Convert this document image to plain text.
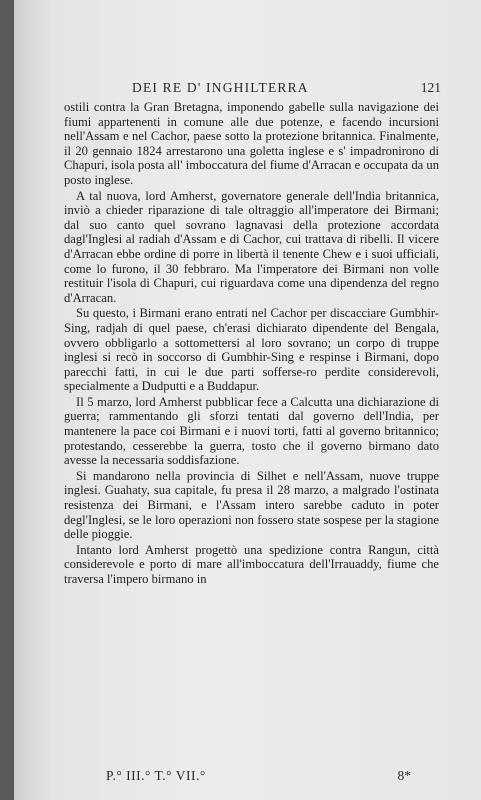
DEI RE D' INGHILTERRA	121

ostili contra la Gran Bretagna, imponendo gabelle sulla navigazione dei fiumi appartenenti in comune alle due potenze, e facendo incursioni nell'Assam e nel Cachor, paese sotto la protezione britannica. Finalmente, il 20 gennaio 1824 arrestarono una goletta inglese e s' impadronirono di Chapuri, isola posta all' imboccatura del fiume d'Arracan e occupata da un posto inglese.

A tal nuova, lord Amherst, governatore generale dell'India britannica, inviò a chieder riparazione di tale oltraggio all'imperatore dei Birmani; dal suo canto quel sovrano lagnavasi della protezione accordata dagl'Inglesi al radiah d'Assam e di Cachor, cui trattava di ribelli. Il vicere d'Arracan ebbe ordine di porre in libertà il tenente Chew e i suoi ufficiali, come lo furono, il 30 febbraro. Ma l'imperatore dei Birmani non volle restituir l'isola di Chapuri, cui riguardava come una dipendenza del regno d'Arracan.

Su questo, i Birmani erano entrati nel Cachor per discacciare Gumbhir-Sing, radjah di quel paese, ch'erasi dichiarato dipendente del Bengala, ovvero obbligarlo a sottomettersi al loro sovrano; un corpo di truppe inglesi si recò in soccorso di Gumbhir-Sing e respinse i Birmani, dopo parecchi fatti, in cui le due parti sofferse-ro perdite considerevoli, specialmente a Dudputti e a Buddapur.

Il 5 marzo, lord Amherst pubblicar fece a Calcutta una dichiarazione di guerra; rammentando gli sforzi tentati dal governo dell'India, per mantenere la pace coi Birmani e i nuovi torti, fatti al governo britannico; protestando, cesserebbe la guerra, tosto che il governo birmano dato avesse la necessaria soddisfazione.

Si mandarono nella provincia di Silhet e nell'Assam, nuove truppe inglesi. Guahaty, sua capitale, fu presa il 28 marzo, a malgrado l'ostinata resistenza dei Birmani, e l'Assam intero sarebbe caduto in poter degl'Inglesi, se le loro operazioni non fossero state sospese per la stagione delle pioggie.

Intanto lord Amherst progettò una spedizione contra Rangun, città considerevole e porto di mare all'imboccatura dell'Irrauaddy, fiume che traversa l'impero birmano in

P.° III.° T.° VII.°	8*
